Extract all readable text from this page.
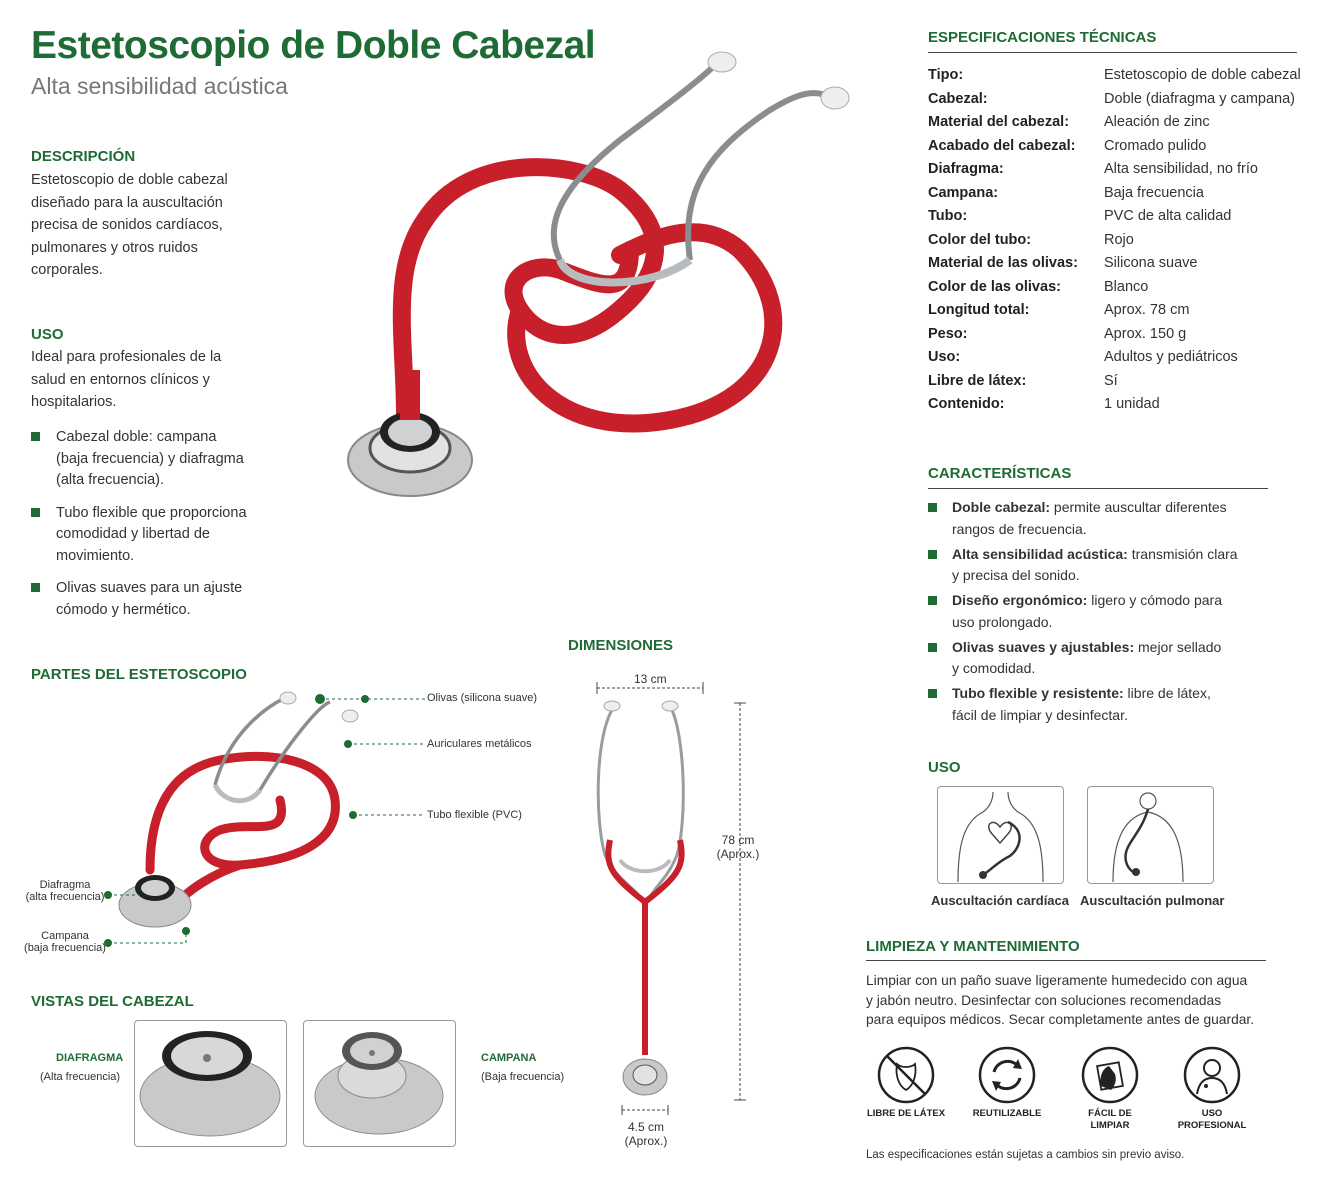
Estetoscopio de Doble Cabezal
Alta sensibilidad acústica
DESCRIPCIÓN
Estetoscopio de doble cabezal
diseñado para la auscultación
precisa de sonidos cardíacos,
pulmonares y otros ruidos
corporales.
USO
Ideal para profesionales de la
salud en entornos clínicos y
hospitalarios.
Cabezal doble: campana
(baja frecuencia) y diafragma
(alta frecuencia).
Tubo flexible que proporciona
comodidad y libertad de
movimiento.
Olivas suaves para un ajuste
cómodo y hermético.
PARTES DEL ESTETOSCOPIO
Olivas (silicona suave)
Auriculares metálicos
Tubo flexible (PVC)
Diafragma
(alta frecuencia)
Campana
(baja frecuencia)
VISTAS DEL CABEZAL
DIAFRAGMA
(Alta frecuencia)
CAMPANA
(Baja frecuencia)
DIMENSIONES
13 cm
78 cm
(Aprox.)
4.5 cm
(Aprox.)
ESPECIFICACIONES TÉCNICAS
Tipo:	Estetoscopio de doble cabezal
Cabezal:	Doble (diafragma y campana)
Material del cabezal: Aleación de zinc
Acabado del cabezal: Cromado pulido
Diafragma:	Alta sensibilidad, no frío
Campana:	Baja frecuencia
Tubo:	PVC de alta calidad
Color del tubo:	Rojo
Material de las olivas: Silicona suave
Color de las olivas:	Blanco
Longitud total:	Aprox. 78 cm
Peso:	Aprox. 150 g
Uso:	Adultos y pediátricos
Libre de látex:	Sí
Contenido:	1 unidad
CARACTERÍSTICAS
Doble cabezal: permite auscultar diferentes
rangos de frecuencia.
Alta sensibilidad acústica: transmisión clara
y precisa del sonido.
Diseño ergonómico: ligero y cómodo para
uso prolongado.
Olivas suaves y ajustables: mejor sellado
y comodidad.
Tubo flexible y resistente: libre de látex,
fácil de limpiar y desinfectar.
USO
Auscultación cardíaca Auscultación pulmonar
LIMPIEZA Y MANTENIMIENTO
Limpiar con un paño suave ligeramente humedecido con agua
y jabón neutro. Desinfectar con soluciones recomendadas
para equipos médicos. Secar completamente antes de guardar.
LIBRE DE LÁTEX	REUTILIZABLE	FÁCIL DE
LIMPIAR
USO
PROFESIONAL
Las especificaciones están sujetas a cambios sin previo aviso.
